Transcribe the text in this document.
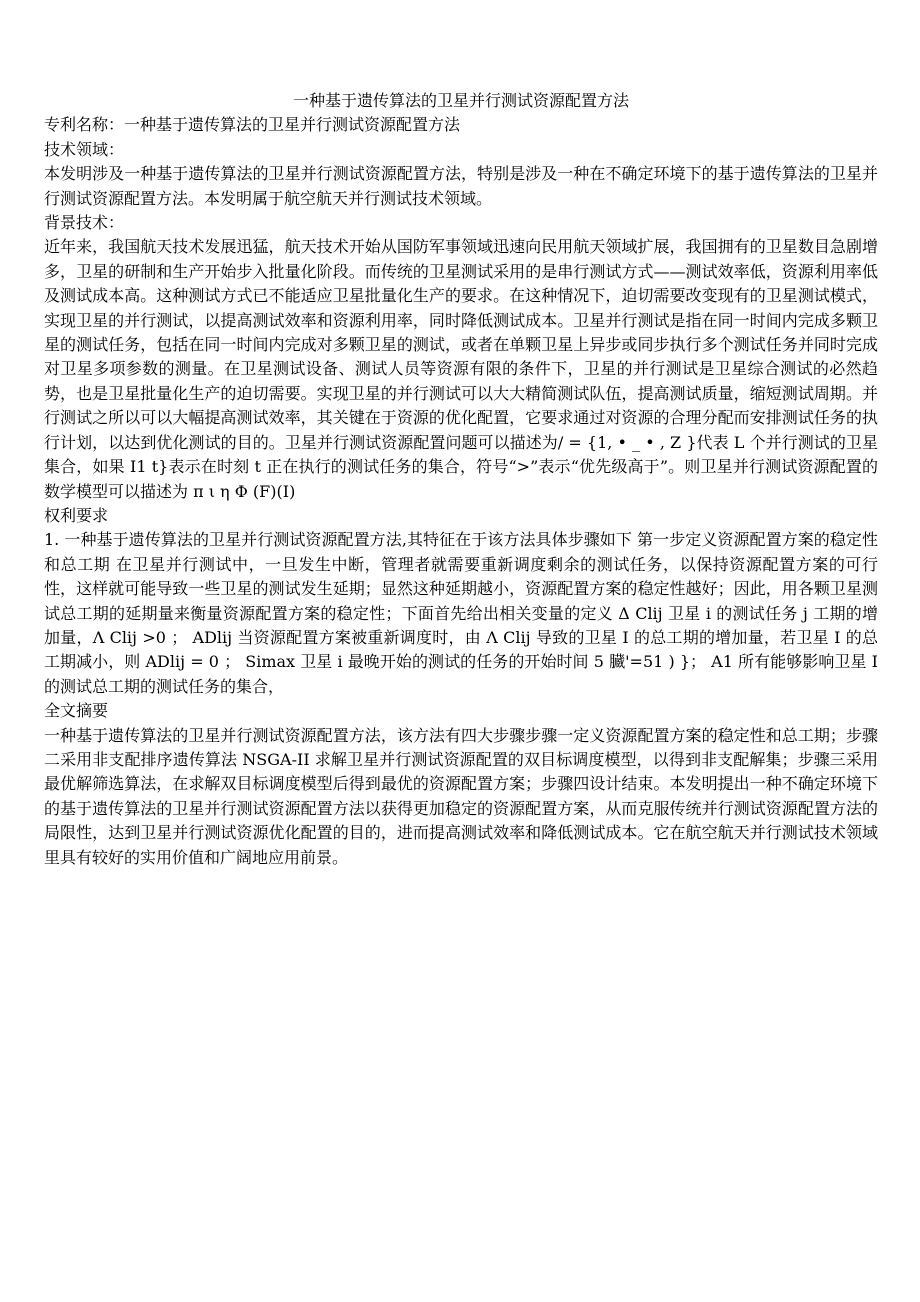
一种基于遗传算法的卫星并行测试资源配置方法

专利名称：一种基于遗传算法的卫星并行测试资源配置方法

技术领域：

本发明涉及一种基于遗传算法的卫星并行测试资源配置方法，特别是涉及一种在不确定环境下的基于遗传算法的卫星并行测试资源配置方法。本发明属于航空航天并行测试技术领域。

背景技术：

近年来，我国航天技术发展迅猛，航天技术开始从国防军事领域迅速向民用航天领域扩展，我国拥有的卫星数目急剧增多，卫星的研制和生产开始步入批量化阶段。而传统的卫星测试采用的是串行测试方式——测试效率低，资源利用率低及测试成本高。这种测试方式已不能适应卫星批量化生产的要求。在这种情况下，迫切需要改变现有的卫星测试模式，实现卫星的并行测试，以提高测试效率和资源利用率，同时降低测试成本。卫星并行测试是指在同一时间内完成多颗卫星的测试任务，包括在同一时间内完成对多颗卫星的测试，或者在单颗卫星上异步或同步执行多个测试任务并同时完成对卫星多项参数的测量。在卫星测试设备、测试人员等资源有限的条件下，卫星的并行测试是卫星综合测试的必然趋势，也是卫星批量化生产的迫切需要。实现卫星的并行测试可以大大精简测试队伍，提高测试质量，缩短测试周期。并行测试之所以可以大幅提高测试效率，其关键在于资源的优化配置，它要求通过对资源的合理分配而安排测试任务的执行计划，以达到优化测试的目的。卫星并行测试资源配置问题可以描述为/ = {1, • _ • , Z }代表 L 个并行测试的卫星集合，如果 I1 t}表示在时刻 t 正在执行的测试任务的集合，符号“>”表示“优先级高于”。则卫星并行测试资源配置的数学模型可以描述为 π ι η Φ (F)(I)

权利要求

1. 一种基于遗传算法的卫星并行测试资源配置方法,其特征在于该方法具体步骤如下 第一步定义资源配置方案的稳定性和总工期 在卫星并行测试中，一旦发生中断，管理者就需要重新调度剩余的测试任务，以保持资源配置方案的可行性，这样就可能导致一些卫星的测试发生延期；显然这种延期越小，资源配置方案的稳定性越好；因此，用各颗卫星测试总工期的延期量来衡量资源配置方案的稳定性；下面首先给出相关变量的定义 Δ Clij 卫星 i 的测试任务 j 工期的增加量，Λ Clij >0 ； ADlij 当资源配置方案被重新调度时，由 Λ Clij 导致的卫星 I 的总工期的增加量，若卫星 I 的总工期减小，则 ADlij = 0 ； Simax 卫星 i 最晚开始的测试的任务的开始时间 5 臓'=51 ) }； A1 所有能够影响卫星 I 的测试总工期的测试任务的集合，

全文摘要

一种基于遗传算法的卫星并行测试资源配置方法，该方法有四大步骤步骤一定义资源配置方案的稳定性和总工期；步骤二采用非支配排序遗传算法 NSGA-II 求解卫星并行测试资源配置的双目标调度模型，以得到非支配解集；步骤三采用最优解筛选算法，在求解双目标调度模型后得到最优的资源配置方案；步骤四设计结束。本发明提出一种不确定环境下的基于遗传算法的卫星并行测试资源配置方法以获得更加稳定的资源配置方案，从而克服传统并行测试资源配置方法的局限性，达到卫星并行测试资源优化配置的目的，进而提高测试效率和降低测试成本。它在航空航天并行测试技术领域里具有较好的实用价值和广阔地应用前景。
